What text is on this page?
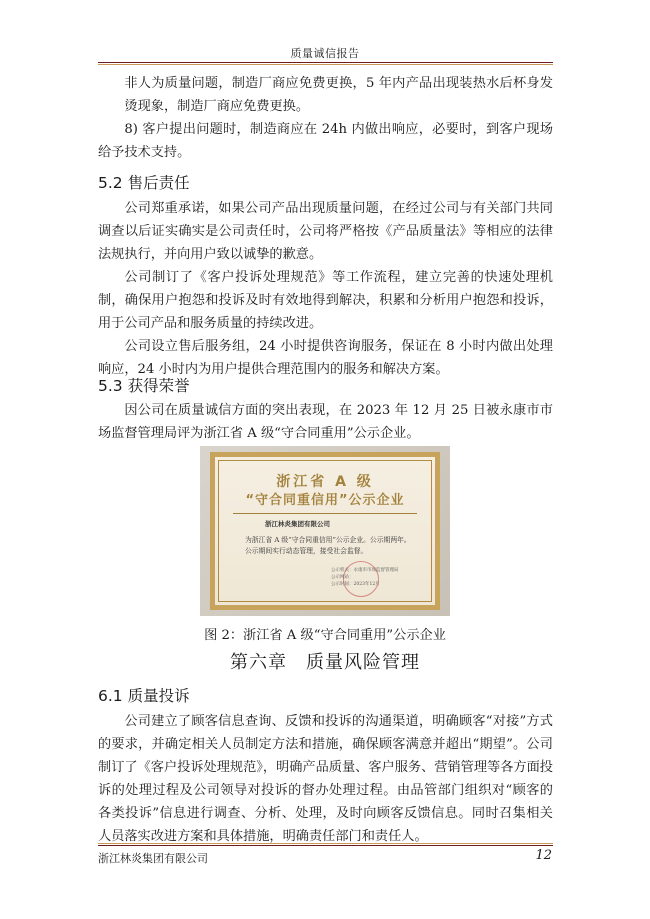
质量诚信报告

非人为质量问题，制造厂商应免费更换，5 年内产品出现装热水后杯身发烫现象，制造厂商应免费更换。

8) 客户提出问题时，制造商应在 24h 内做出响应，必要时，到客户现场给予技术支持。

5.2 售后责任

公司郑重承诺，如果公司产品出现质量问题，在经过公司与有关部门共同调查以后证实确实是公司责任时，公司将严格按《产品质量法》等相应的法律法规执行，并向用户致以诚挚的歉意。

公司制订了《客户投诉处理规范》等工作流程，建立完善的快速处理机制，确保用户抱怨和投诉及时有效地得到解决，积累和分析用户抱怨和投诉，用于公司产品和服务质量的持续改进。

公司设立售后服务组，24 小时提供咨询服务，保证在 8 小时内做出处理响应，24 小时内为用户提供合理范围内的服务和解决方案。

5.3 获得荣誉

因公司在质量诚信方面的突出表现，在 2023 年 12 月 25 日被永康市市场监督管理局评为浙江省 A 级“守合同重用”公示企业。

浙江省 A 级
“守合同重信用”公示企业
浙江林炎集团有限公司
为浙江省 A 级“守合同重信用”公示企业。公示期两年。公示期间实行动态管理，接受社会监督。
公示机关：永康市市场监督管理局
公示网站：
公示时间：2023年12月
图 2：浙江省 A 级“守合同重用”公示企业
第六章　质量风险管理
6.1 质量投诉

公司建立了顾客信息查询、反馈和投诉的沟通渠道，明确顾客“对接”方式的要求，并确定相关人员制定方法和措施，确保顾客满意并超出“期望”。公司制订了《客户投诉处理规范》，明确产品质量、客户服务、营销管理等各方面投诉的处理过程及公司领导对投诉的督办处理过程。由品管部门组织对“顾客的各类投诉”信息进行调查、分析、处理，及时向顾客反馈信息。同时召集相关人员落实改进方案和具体措施，明确责任部门和责任人。

浙江林炎集团有限公司	12
